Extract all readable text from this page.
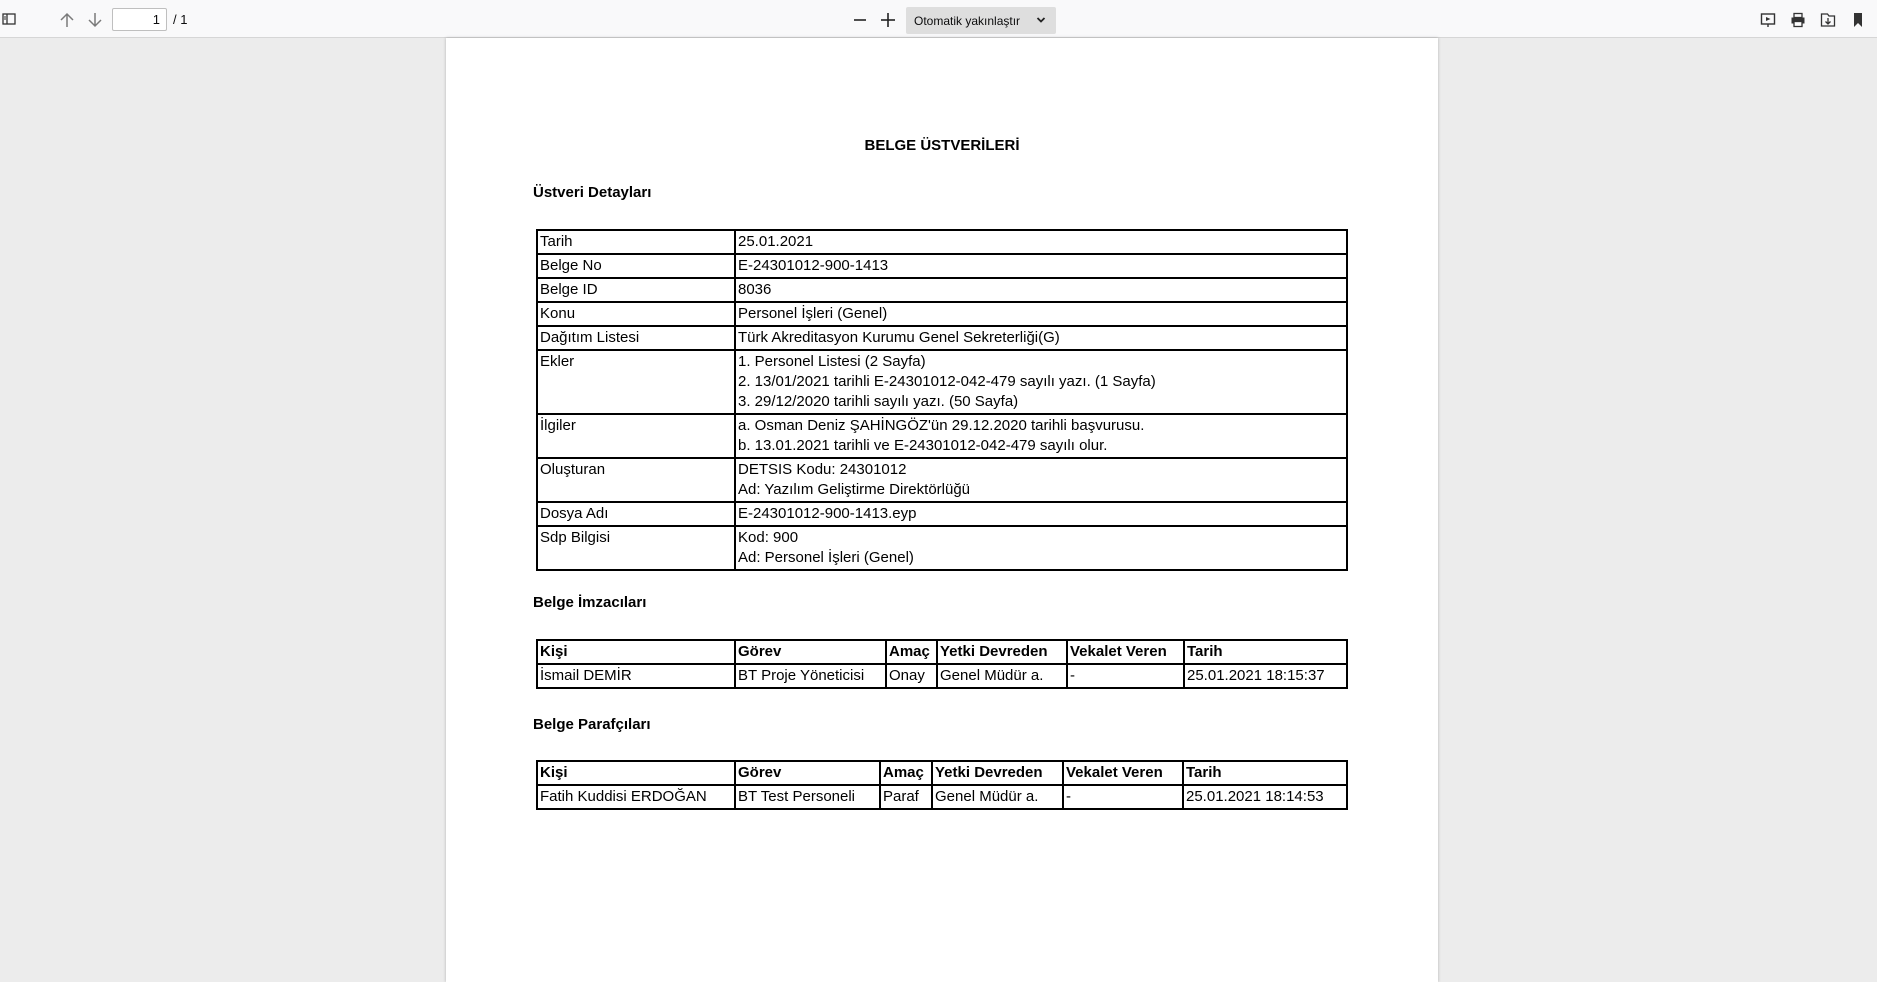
1
/ 1	Otomatik yakınlaştır
BELGE ÜSTVERİLERİ
Üstveri Detayları
Tarih	25.01.2021

Belge No	E-24301012-900-1413

Belge ID	8036

Konu	Personel İşleri (Genel)

Dağıtım Listesi	Türk Akreditasyon Kurumu Genel Sekreterliği(G)

Ekler	1. Personel Listesi (2 Sayfa)
2. 13/01/2021 tarihli E-24301012-042-479 sayılı yazı. (1 Sayfa)
3. 29/12/2020 tarihli sayılı yazı. (50 Sayfa)

İlgiler	a. Osman Deniz ŞAHİNGÖZ'ün 29.12.2020 tarihli başvurusu.
b. 13.01.2021 tarihli ve E-24301012-042-479 sayılı olur.

Oluşturan	DETSIS Kodu: 24301012
Ad: Yazılım Geliştirme Direktörlüğü

Dosya Adı	E-24301012-900-1413.eyp

Sdp Bilgisi	Kod: 900
Ad: Personel İşleri (Genel)
Belge İmzacıları
Kişi	Görev	Amaç	Yetki Devreden	Vekalet Veren	Tarih
İsmail DEMİR	BT Proje Yöneticisi	Onay	Genel Müdür a.	-	25.01.2021 18:15:37
Belge Parafçıları
Kişi	Görev	Amaç	Yetki Devreden	Vekalet Veren	Tarih
Fatih Kuddisi ERDOĞAN	BT Test Personeli	Paraf	Genel Müdür a.	-	25.01.2021 18:14:53
